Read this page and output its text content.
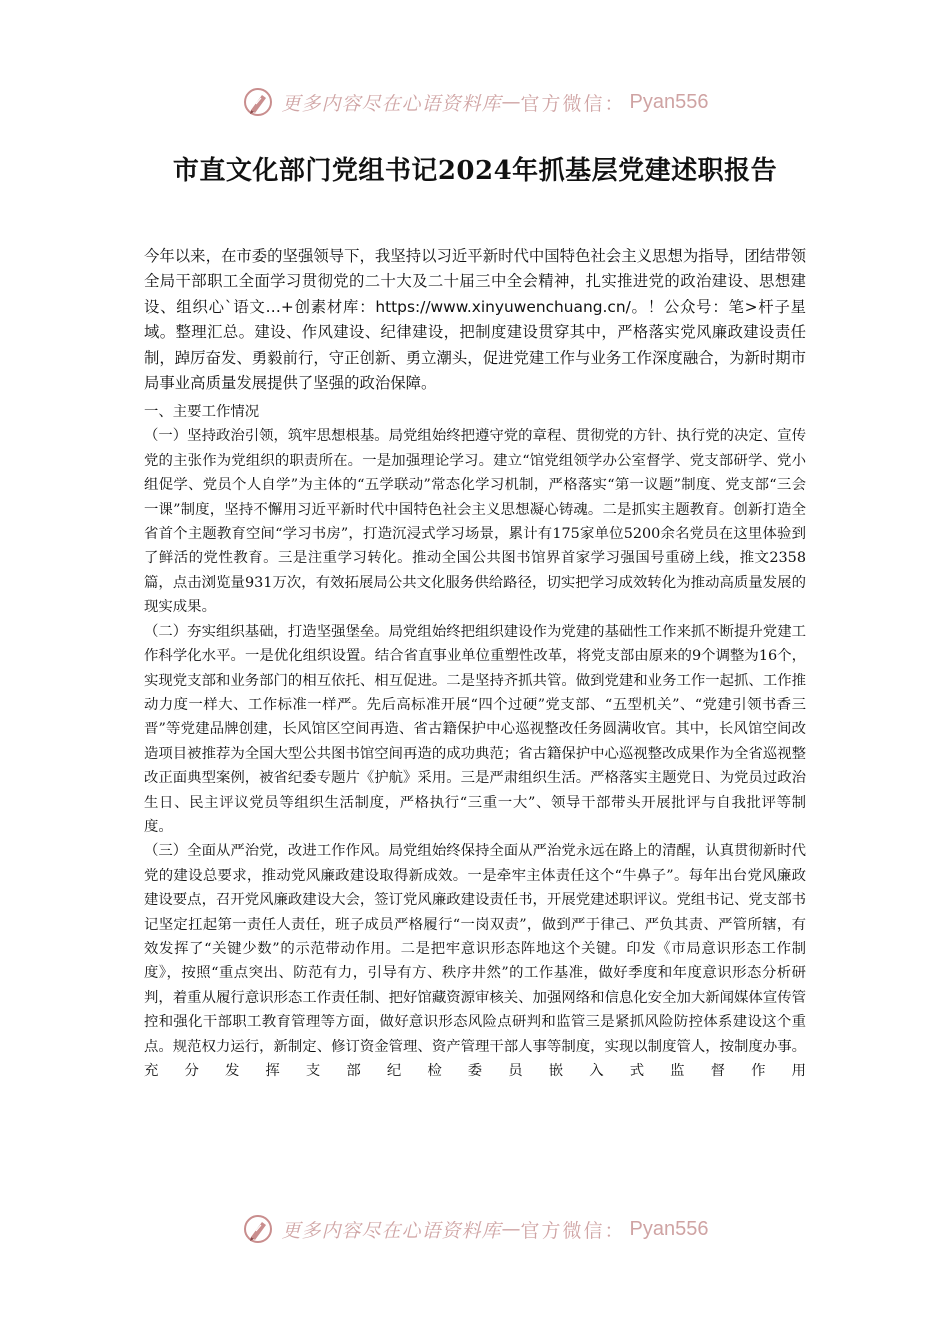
更多内容尽在心语资料库 — 官方微信： Pyan556
市直文化部门党组书记2024年抓基层党建述职报告

今年以来，在市委的坚强领导下，我坚持以习近平新时代中国特色社会主义思想为指导，团结带领全局干部职工全面学习贯彻党的二十大及二十届三中全会精神，扎实推进党的政治建设、思想建设、组织心`语文…+创素材库：https://www.xinyuwenchuang.cn/。！公众号：笔>杆子星域。整理汇总。建设、作风建设、纪律建设，把制度建设贯穿其中，严格落实党风廉政建设责任制，踔厉奋发、勇毅前行，守正创新、勇立潮头，促进党建工作与业务工作深度融合，为新时期市局事业高质量发展提供了坚强的政治保障。

一、主要工作情况

（一）坚持政治引领，筑牢思想根基。局党组始终把遵守党的章程、贯彻党的方针、执行党的决定、宣传党的主张作为党组织的职责所在。一是加强理论学习。建立“馆党组领学办公室督学、党支部研学、党小组促学、党员个人自学”为主体的“五学联动”常态化学习机制，严格落实“第一议题”制度、党支部“三会一课”制度，坚持不懈用习近平新时代中国特色社会主义思想凝心铸魂。二是抓实主题教育。创新打造全省首个主题教育空间“学习书房”，打造沉浸式学习场景，累计有175家单位5200余名党员在这里体验到了鲜活的党性教育。三是注重学习转化。推动全国公共图书馆界首家学习强国号重磅上线，推文2358篇，点击浏览量931万次，有效拓展局公共文化服务供给路径，切实把学习成效转化为推动高质量发展的现实成果。

（二）夯实组织基础，打造坚强堡垒。局党组始终把组织建设作为党建的基础性工作来抓不断提升党建工作科学化水平。一是优化组织设置。结合省直事业单位重塑性改革，将党支部由原来的9个调整为16个，实现党支部和业务部门的相互依托、相互促进。二是坚持齐抓共管。做到党建和业务工作一起抓、工作推动力度一样大、工作标准一样严。先后高标准开展“四个过硬”党支部、“五型机关”、“党建引领书香三晋”等党建品牌创建，长风馆区空间再造、省古籍保护中心巡视整改任务圆满收官。其中，长风馆空间改造项目被推荐为全国大型公共图书馆空间再造的成功典范；省古籍保护中心巡视整改成果作为全省巡视整改正面典型案例，被省纪委专题片《护航》采用。三是严肃组织生活。严格落实主题党日、为党员过政治生日、民主评议党员等组织生活制度，严格执行“三重一大”、领导干部带头开展批评与自我批评等制度。

（三）全面从严治党，改进工作作风。局党组始终保持全面从严治党永远在路上的清醒，认真贯彻新时代党的建设总要求，推动党风廉政建设取得新成效。一是牵牢主体责任这个“牛鼻子”。每年出台党风廉政建设要点，召开党风廉政建设大会，签订党风廉政建设责任书，开展党建述职评议。党组书记、党支部书记坚定扛起第一责任人责任，班子成员严格履行“一岗双责”，做到严于律己、严负其责、严管所辖，有效发挥了“关键少数”的示范带动作用。二是把牢意识形态阵地这个关键。印发《市局意识形态工作制度》，按照“重点突出、防范有力，引导有方、秩序井然”的工作基准，做好季度和年度意识形态分析研判，着重从履行意识形态工作责任制、把好馆藏资源审核关、加强网络和信息化安全加大新闻媒体宣传管控和强化干部职工教育管理等方面，做好意识形态风险点研判和监管三是紧抓风险防控体系建设这个重点。规范权力运行，新制定、修订资金管理、资产管理干部人事等制度，实现以制度管人，按制度办事。充分发挥支部纪检委员嵌入式监督作用

更多内容尽在心语资料库 — 官方微信： Pyan556
